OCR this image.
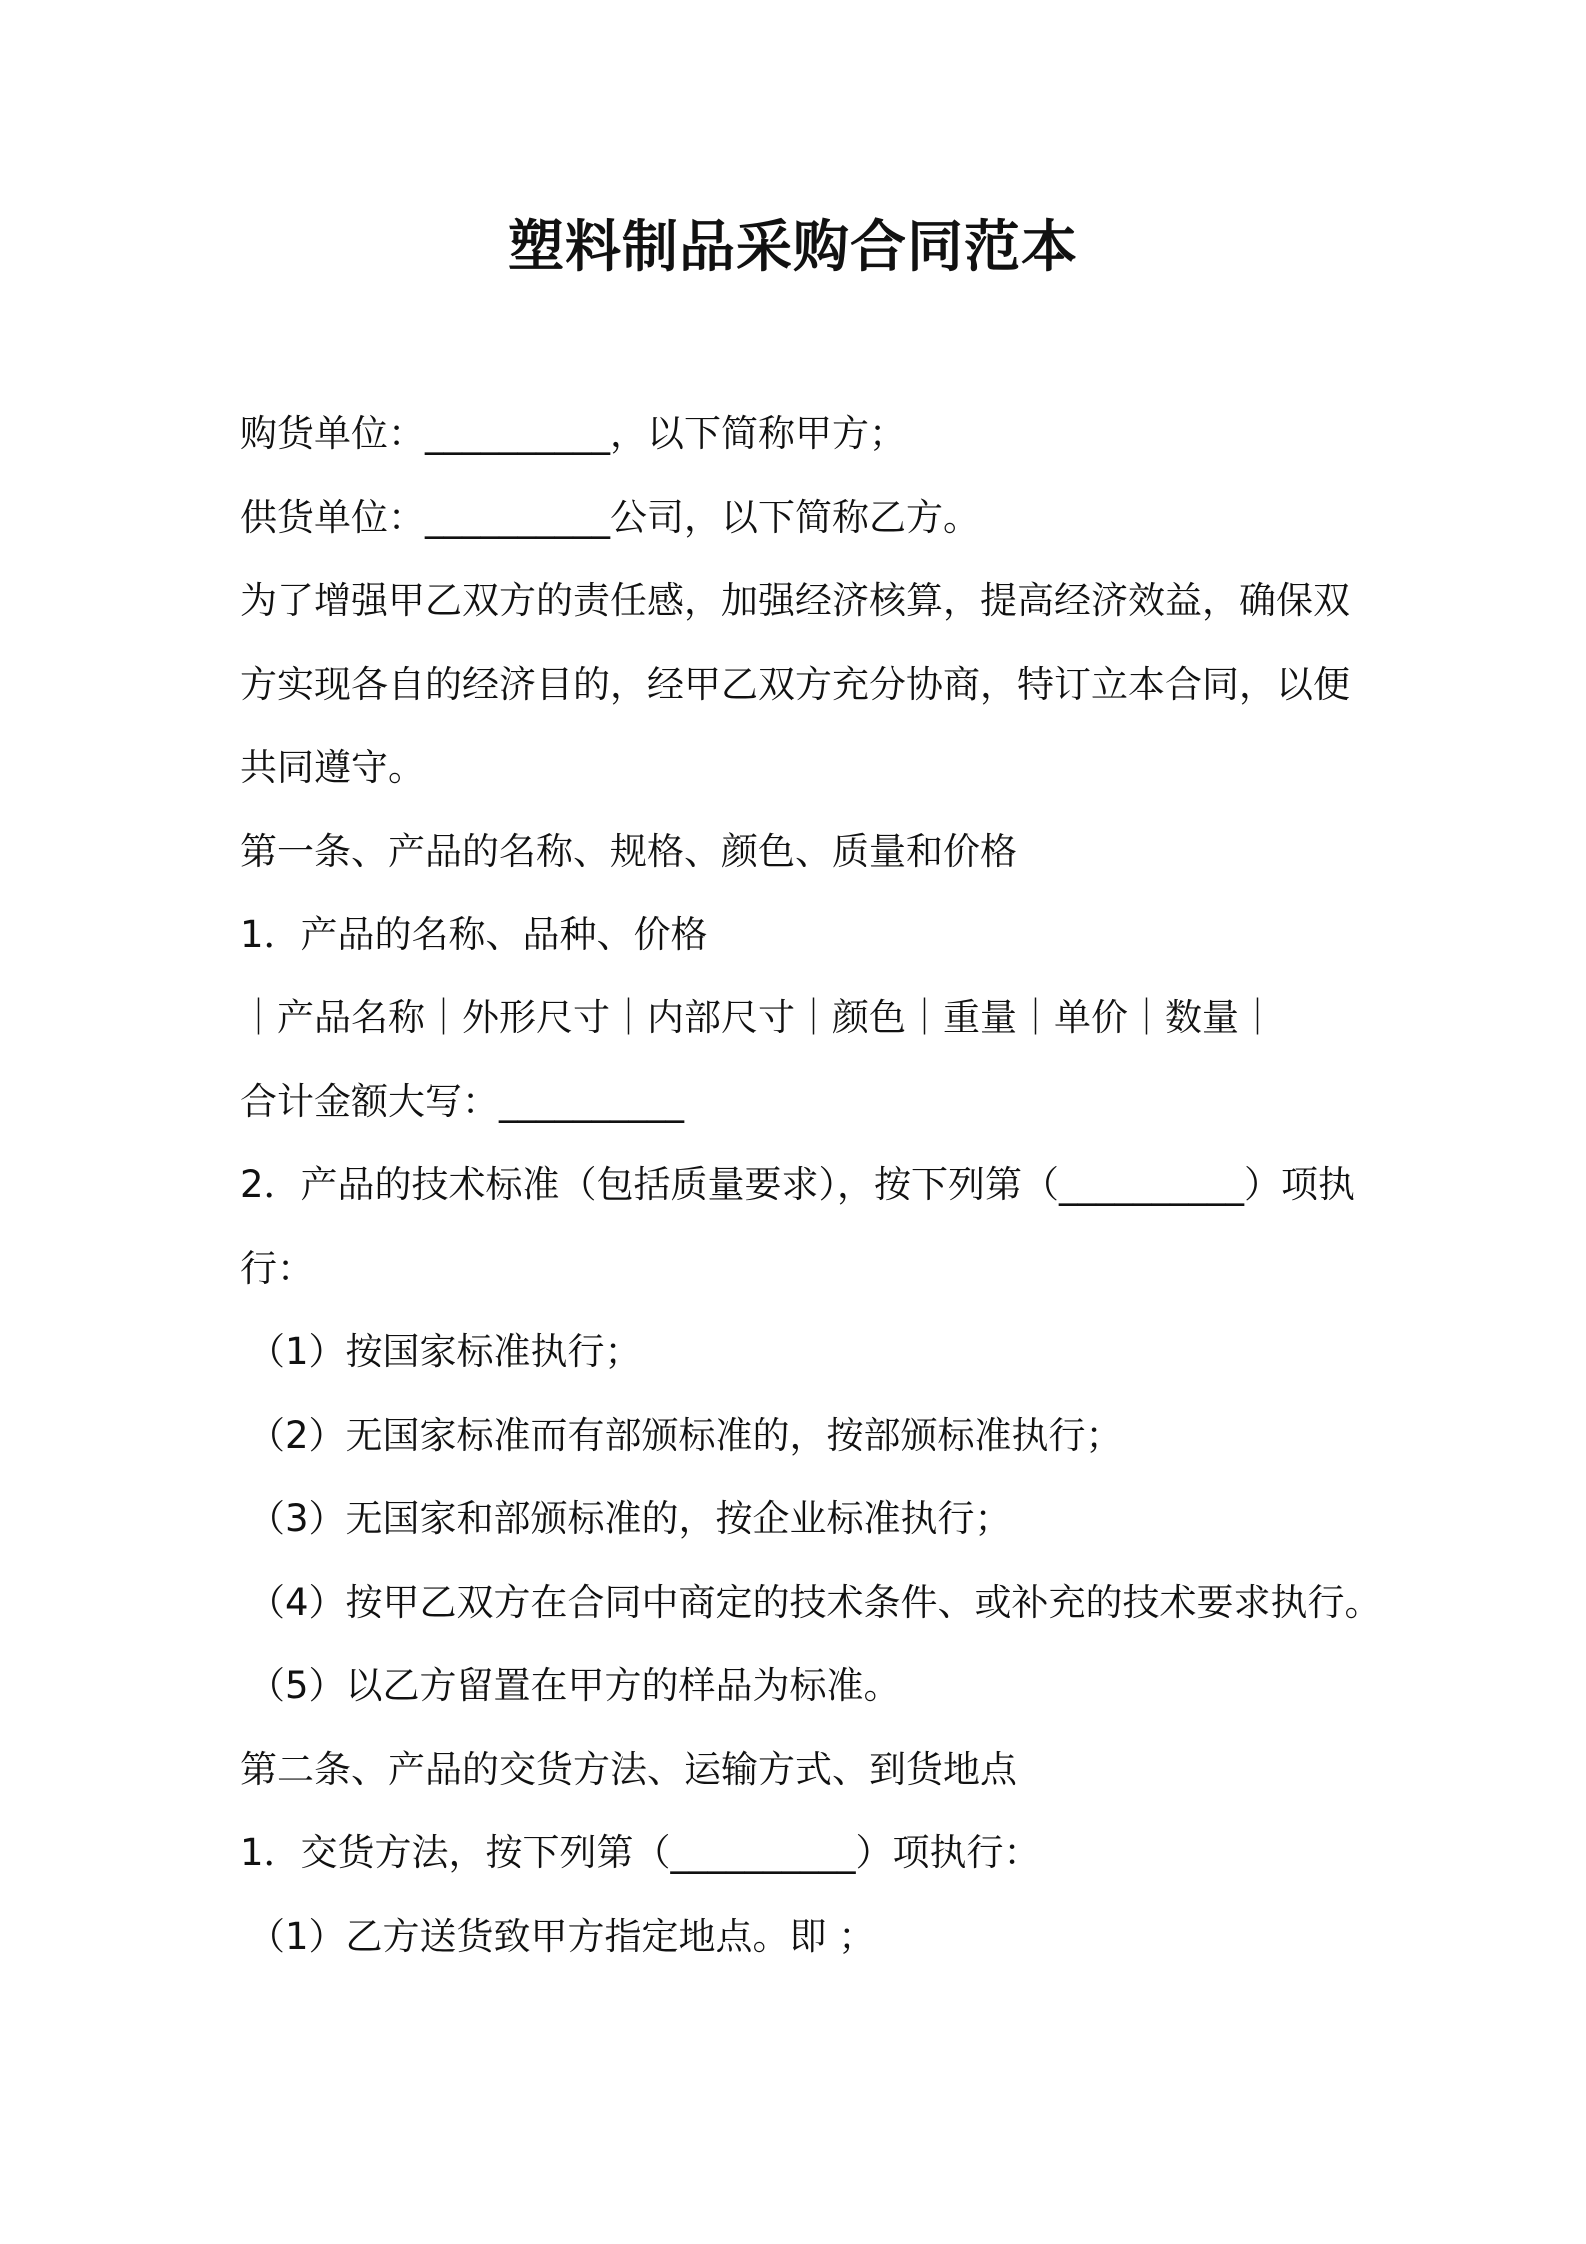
塑料制品采购合同范本
购货单位：__________，以下简称甲方；
供货单位：__________公司，以下简称乙方。
为了增强甲乙双方的责任感，加强经济核算，提高经济效益，确保双
方实现各自的经济目的，经甲乙双方充分协商，特订立本合同，以便
共同遵守。
第一条、产品的名称、规格、颜色、质量和价格
1．产品的名称、品种、价格
｜产品名称｜外形尺寸｜内部尺寸｜颜色｜重量｜单价｜数量｜
合计金额大写：__________
2．产品的技术标准（包括质量要求），按下列第（__________）项执
行：
（1）按国家标准执行；
（2）无国家标准而有部颁标准的，按部颁标准执行；
（3）无国家和部颁标准的，按企业标准执行；
（4）按甲乙双方在合同中商定的技术条件、或补充的技术要求执行。
（5）以乙方留置在甲方的样品为标准。
第二条、产品的交货方法、运输方式、到货地点
1．交货方法，按下列第（__________）项执行：
（1）乙方送货致甲方指定地点。即 ；
